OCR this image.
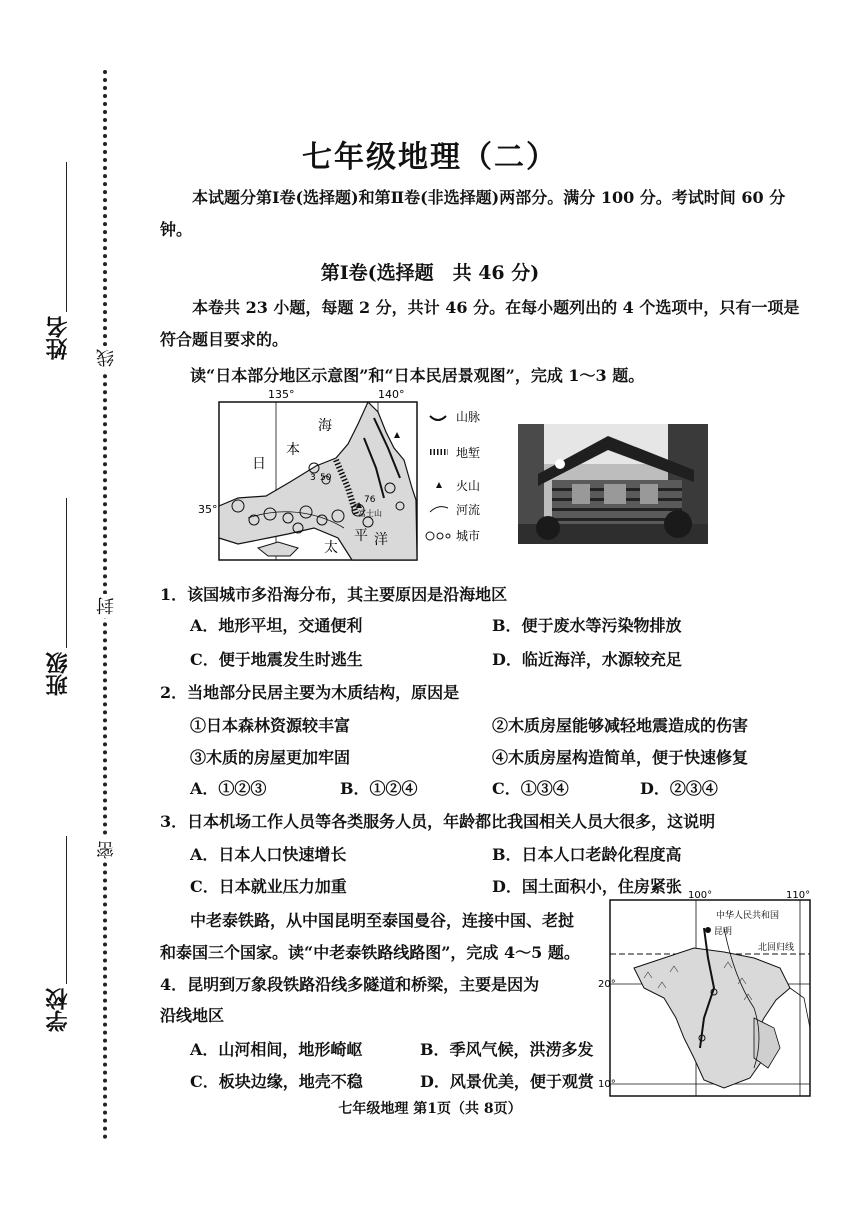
姓名
班级
学校
线
封
密
七年级地理（二）
本试题分第Ⅰ卷(选择题)和第Ⅱ卷(非选择题)两部分。满分 100 分。考试时间 60 分钟。
第Ⅰ卷(选择题　共 46 分)
本卷共 23 小题，每题 2 分，共计 46 分。在每小题列出的 4 个选项中，只有一项是符合题目要求的。
读“日本部分地区示意图”和“日本民居景观图”，完成 1～3 题。
135°	140°
35°
日
本
海
太
平 洋
3 50
76
富士山
山脉
地堑
火山
河流
城市
1．该国城市多沿海分布，其主要原因是沿海地区
A．地形平坦，交通便利	B．便于废水等污染物排放
C．便于地震发生时逃生	D．临近海洋，水源较充足
2．当地部分民居主要为木质结构，原因是
①日本森林资源较丰富	②木质房屋能够减轻地震造成的伤害
③木质的房屋更加牢固	④木质房屋构造简单，便于快速修复
A．①②③	B．①②④	C．①③④	D．②③④
3．日本机场工作人员等各类服务人员，年龄都比我国相关人员大很多，这说明
A．日本人口快速增长	B．日本人口老龄化程度高
C．日本就业压力加重	D．国土面积小，住房紧张
中老泰铁路，从中国昆明至泰国曼谷，连接中国、老挝
和泰国三个国家。读“中老泰铁路线路图”，完成 4～5 题。
4．昆明到万象段铁路沿线多隧道和桥梁，主要是因为
沿线地区
A．山河相间，地形崎岖	B．季风气候，洪涝多发
C．板块边缘，地壳不稳	D．风景优美，便于观赏
100°	110°
20°
10°
中华人民共和国
昆明
北回归线
七年级地理 第1页（共 8页）
